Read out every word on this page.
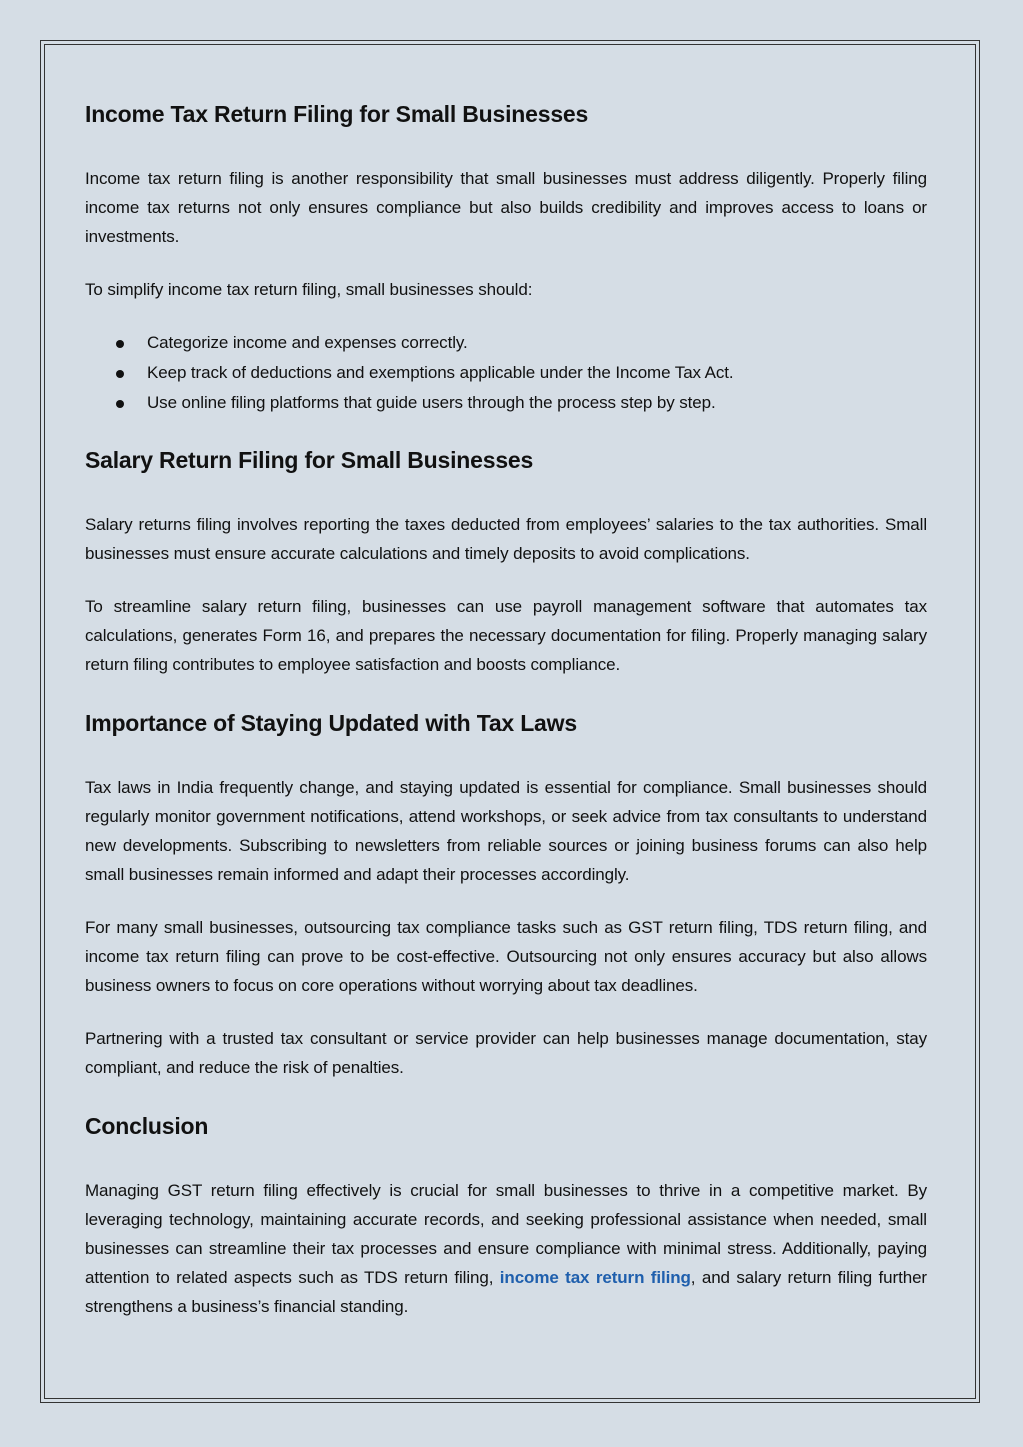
Income Tax Return Filing for Small Businesses

Income tax return filing is another responsibility that small businesses must address diligently. Properly filing income tax returns not only ensures compliance but also builds credibility and improves access to loans or investments.

To simplify income tax return filing, small businesses should:

Categorize income and expenses correctly.
Keep track of deductions and exemptions applicable under the Income Tax Act.
Use online filing platforms that guide users through the process step by step.
Salary Return Filing for Small Businesses

Salary returns filing involves reporting the taxes deducted from employees’ salaries to the tax authorities. Small businesses must ensure accurate calculations and timely deposits to avoid complications.

To streamline salary return filing, businesses can use payroll management software that automates tax calculations, generates Form 16, and prepares the necessary documentation for filing. Properly managing salary return filing contributes to employee satisfaction and boosts compliance.

Importance of Staying Updated with Tax Laws

Tax laws in India frequently change, and staying updated is essential for compliance. Small businesses should regularly monitor government notifications, attend workshops, or seek advice from tax consultants to understand new developments. Subscribing to newsletters from reliable sources or joining business forums can also help small businesses remain informed and adapt their processes accordingly.

For many small businesses, outsourcing tax compliance tasks such as GST return filing, TDS return filing, and income tax return filing can prove to be cost-effective. Outsourcing not only ensures accuracy but also allows business owners to focus on core operations without worrying about tax deadlines.

Partnering with a trusted tax consultant or service provider can help businesses manage documentation, stay compliant, and reduce the risk of penalties.

Conclusion

Managing GST return filing effectively is crucial for small businesses to thrive in a competitive market. By leveraging technology, maintaining accurate records, and seeking professional assistance when needed, small businesses can streamline their tax processes and ensure compliance with minimal stress. Additionally, paying attention to related aspects such as TDS return filing, income tax return filing, and salary return filing further strengthens a business’s financial standing.
